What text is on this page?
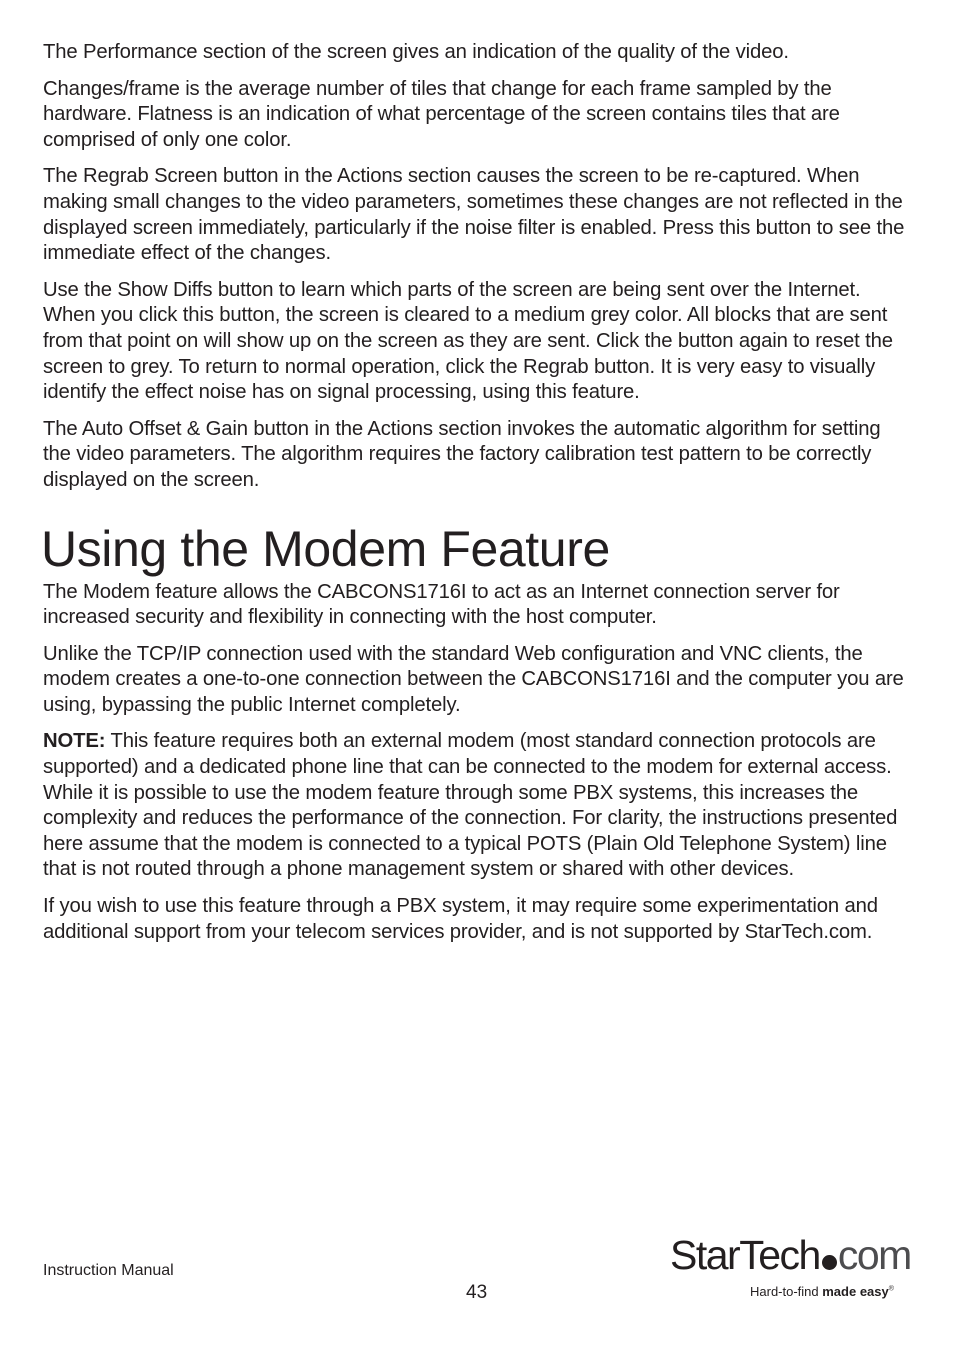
The Performance section of the screen gives an indication of the quality of the video.

Changes/frame is the average number of tiles that change for each frame sampled by the hardware. Flatness is an indication of what percentage of the screen contains tiles that are comprised of only one color.

The Regrab Screen button in the Actions section causes the screen to be re-captured. When making small changes to the video parameters, sometimes these changes are not reflected in the displayed screen immediately, particularly if the noise filter is enabled. Press this button to see the immediate effect of the changes.

Use the Show Diffs button to learn which parts of the screen are being sent over the Internet. When you click this button, the screen is cleared to a medium grey color. All blocks that are sent from that point on will show up on the screen as they are sent. Click the button again to reset the screen to grey. To return to normal operation, click the Regrab button. It is very easy to visually identify the effect noise has on signal processing, using this feature.

The Auto Offset & Gain button in the Actions section invokes the automatic algorithm for setting the video parameters. The algorithm requires the factory calibration test pattern to be correctly displayed on the screen.

Using the Modem Feature

The Modem feature allows the CABCONS1716I to act as an Internet connection server for increased security and flexibility in connecting with the host computer.

Unlike the TCP/IP connection used with the standard Web configuration and VNC clients, the modem creates a one-to-one connection between the CABCONS1716I and the computer you are using, bypassing the public Internet completely.

NOTE: This feature requires both an external modem (most standard connection protocols are supported) and a dedicated phone line that can be connected to the modem for external access. While it is possible to use the modem feature through some PBX systems, this increases the complexity and reduces the performance of the connection. For clarity, the instructions presented here assume that the modem is connected to a typical POTS (Plain Old Telephone System) line that is not routed through a phone management system or shared with other devices.

If you wish to use this feature through a PBX system, it may require some experimentation and additional support from your telecom services provider, and is not supported by StarTech.com.

Instruction Manual
43
StarTech com
Hard-to-find made easy®
